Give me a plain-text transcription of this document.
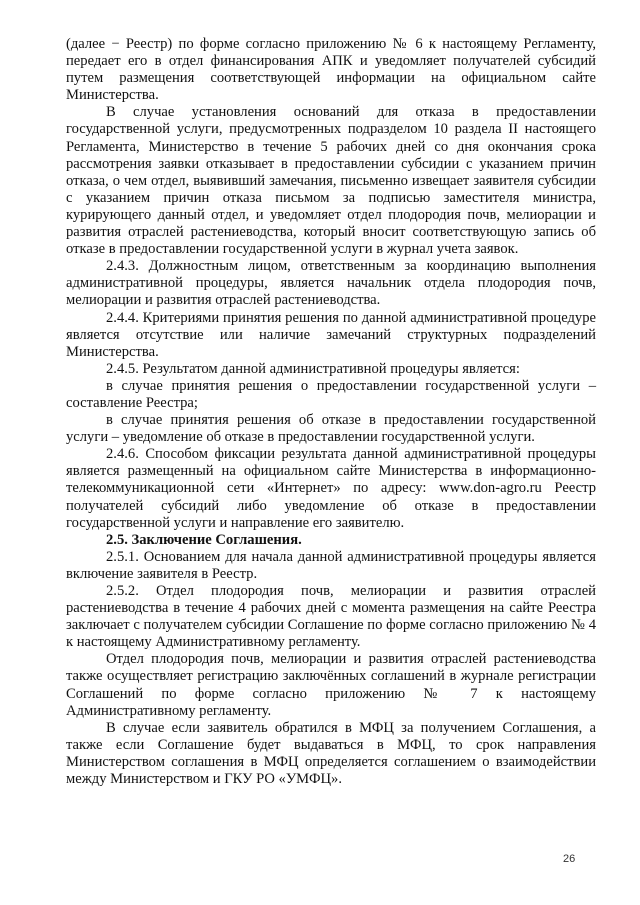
(далее − Реестр) по форме согласно приложению № 6 к настоящему Регламенту, передает его в отдел финансирования АПК и уведомляет получателей субсидий путем размещения соответствующей информации на официальном сайте Министерства.

В случае установления оснований для отказа в предоставлении государственной услуги, предусмотренных подразделом 10 раздела II настоящего Регламента, Министерство в течение 5 рабочих дней со дня окончания срока рассмотрения заявки отказывает в предоставлении субсидии с указанием причин отказа, о чем отдел, выявивший замечания, письменно извещает заявителя субсидии с указанием причин отказа письмом за подписью заместителя министра, курирующего данный отдел, и уведомляет отдел плодородия почв, мелиорации и развития отраслей растениеводства, который вносит соответствующую запись об отказе в предоставлении государственной услуги в журнал учета заявок.

2.4.3. Должностным лицом, ответственным за координацию выполнения административной процедуры, является начальник отдела плодородия почв, мелиорации и развития отраслей растениеводства.

2.4.4. Критериями принятия решения по данной административной процедуре является отсутствие или наличие замечаний структурных подразделений Министерства.

2.4.5. Результатом данной административной процедуры является:

в случае принятия решения о предоставлении государственной услуги – составление Реестра;

в случае принятия решения об отказе в предоставлении государственной услуги – уведомление об отказе в предоставлении государственной услуги.

2.4.6. Способом фиксации результата данной административной процедуры является размещенный на официальном сайте Министерства в информационно-телекоммуникационной сети «Интернет» по адресу: www.don-agro.ru Реестр получателей субсидий либо уведомление об отказе в предоставлении государственной услуги и направление его заявителю.

2.5. Заключение Соглашения.

2.5.1. Основанием для начала данной административной процедуры является включение заявителя в Реестр.

2.5.2. Отдел плодородия почв, мелиорации и развития отраслей растениеводства в течение 4 рабочих дней с момента размещения на сайте Реестра заключает с получателем субсидии Соглашение по форме согласно приложению № 4 к настоящему Административному регламенту.

Отдел плодородия почв, мелиорации и развития отраслей растениеводства также осуществляет регистрацию заключённых соглашений в журнале регистрации Соглашений по форме согласно приложению № 7 к настоящему Административному регламенту.

В случае если заявитель обратился в МФЦ за получением Соглашения, а также если Соглашение будет выдаваться в МФЦ, то срок направления Министерством соглашения в МФЦ определяется соглашением о взаимодействии между Министерством и ГКУ РО «УМФЦ».

26
